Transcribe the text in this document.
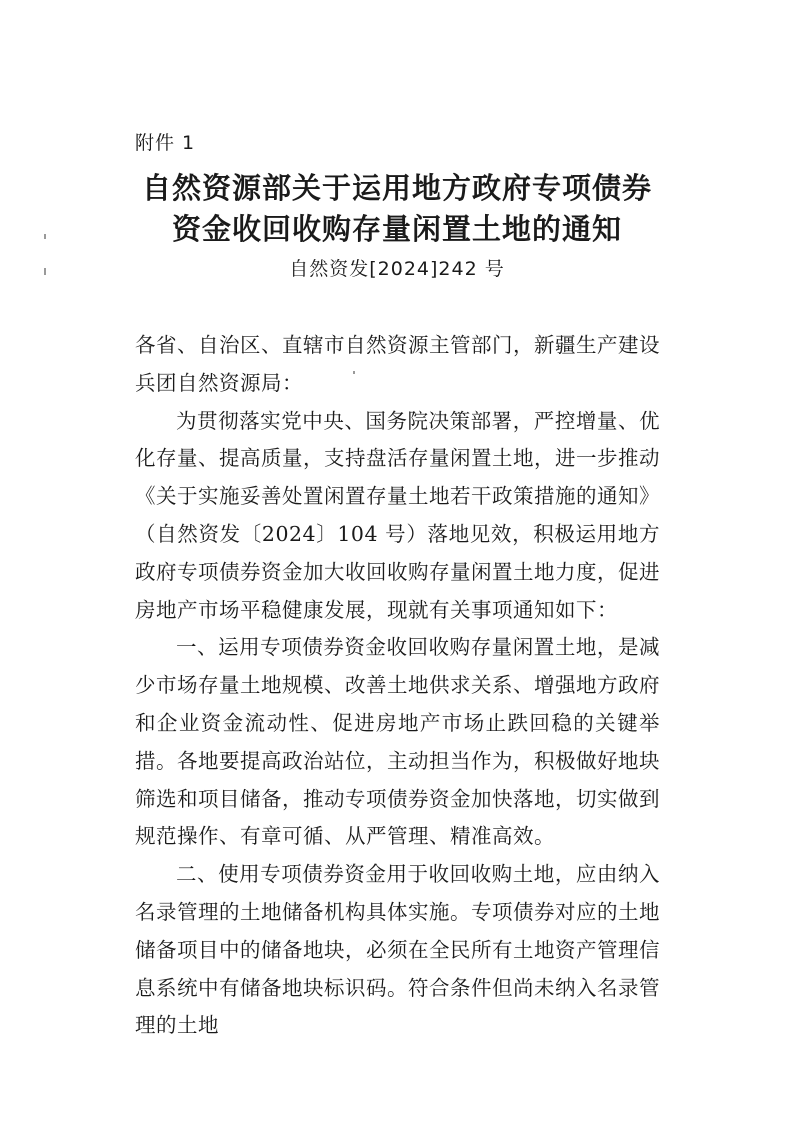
附件 1
自然资源部关于运用地方政府专项债券
资金收回收购存量闲置土地的通知
自然资发[2024]242 号

各省、自治区、直辖市自然资源主管部门，新疆生产建设兵团自然资源局：

为贯彻落实党中央、国务院决策部署，严控增量、优化存量、提高质量，支持盘活存量闲置土地，进一步推动《关于实施妥善处置闲置存量土地若干政策措施的通知》（自然资发〔2024〕104 号）落地见效，积极运用地方政府专项债券资金加大收回收购存量闲置土地力度，促进房地产市场平稳健康发展，现就有关事项通知如下：

一、运用专项债券资金收回收购存量闲置土地，是减少市场存量土地规模、改善土地供求关系、增强地方政府和企业资金流动性、促进房地产市场止跌回稳的关键举措。各地要提高政治站位，主动担当作为，积极做好地块筛选和项目储备，推动专项债券资金加快落地，切实做到规范操作、有章可循、从严管理、精准高效。

二、使用专项债券资金用于收回收购土地，应由纳入名录管理的土地储备机构具体实施。专项债券对应的土地储备项目中的储备地块，必须在全民所有土地资产管理信息系统中有储备地块标识码。符合条件但尚未纳入名录管理的土地
